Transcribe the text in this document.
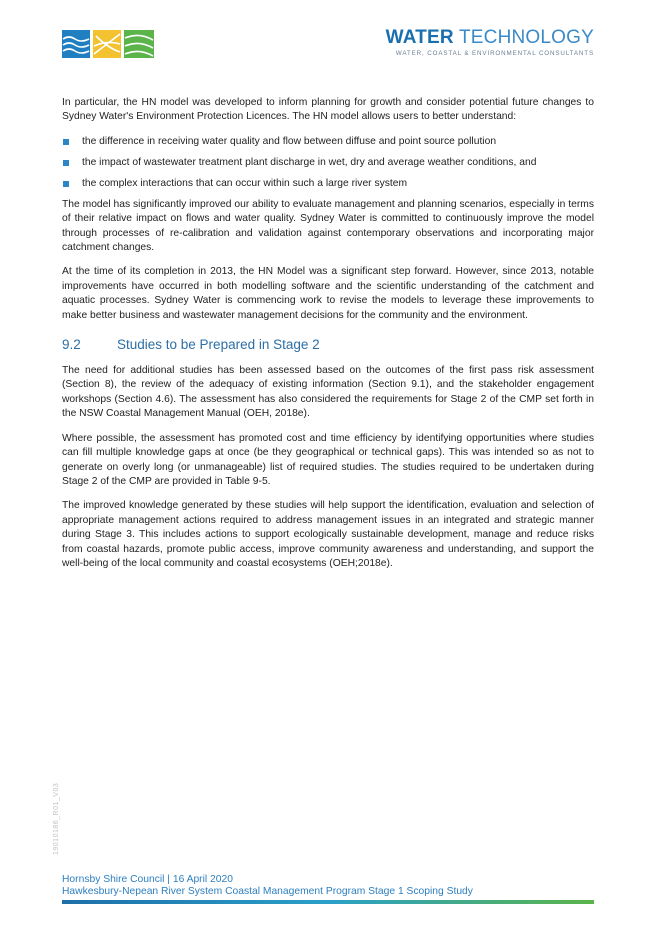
WATER TECHNOLOGY
WATER, COASTAL & ENVIRONMENTAL CONSULTANTS

In particular, the HN model was developed to inform planning for growth and consider potential future changes to Sydney Water's Environment Protection Licences. The HN model allows users to better understand:

the difference in receiving water quality and flow between diffuse and point source pollution
the impact of wastewater treatment plant discharge in wet, dry and average weather conditions, and
the complex interactions that can occur within such a large river system

The model has significantly improved our ability to evaluate management and planning scenarios, especially in terms of their relative impact on flows and water quality. Sydney Water is committed to continuously improve the model through processes of re-calibration and validation against contemporary observations and incorporating major catchment changes.

At the time of its completion in 2013, the HN Model was a significant step forward. However, since 2013, notable improvements have occurred in both modelling software and the scientific understanding of the catchment and aquatic processes. Sydney Water is commencing work to revise the models to leverage these improvements to make better business and wastewater management decisions for the community and the environment.

9.2	Studies to be Prepared in Stage 2

The need for additional studies has been assessed based on the outcomes of the first pass risk assessment (Section 8), the review of the adequacy of existing information (Section 9.1), and the stakeholder engagement workshops (Section 4.6). The assessment has also considered the requirements for Stage 2 of the CMP set forth in the NSW Coastal Management Manual (OEH, 2018e).

Where possible, the assessment has promoted cost and time efficiency by identifying opportunities where studies can fill multiple knowledge gaps at once (be they geographical or technical gaps). This was intended so as not to generate on overly long (or unmanageable) list of required studies. The studies required to be undertaken during Stage 2 of the CMP are provided in Table 9-5.

The improved knowledge generated by these studies will help support the identification, evaluation and selection of appropriate management actions required to address management issues in an integrated and strategic manner during Stage 3. This includes actions to support ecologically sustainable development, manage and reduce risks from coastal hazards, promote public access, improve community awareness and understanding, and support the well-being of the local community and coastal ecosystems (OEH;2018e).

19010186_R01_V03
Hornsby Shire Council | 16 April 2020
Hawkesbury-Nepean River System Coastal Management Program Stage 1 Scoping Study
